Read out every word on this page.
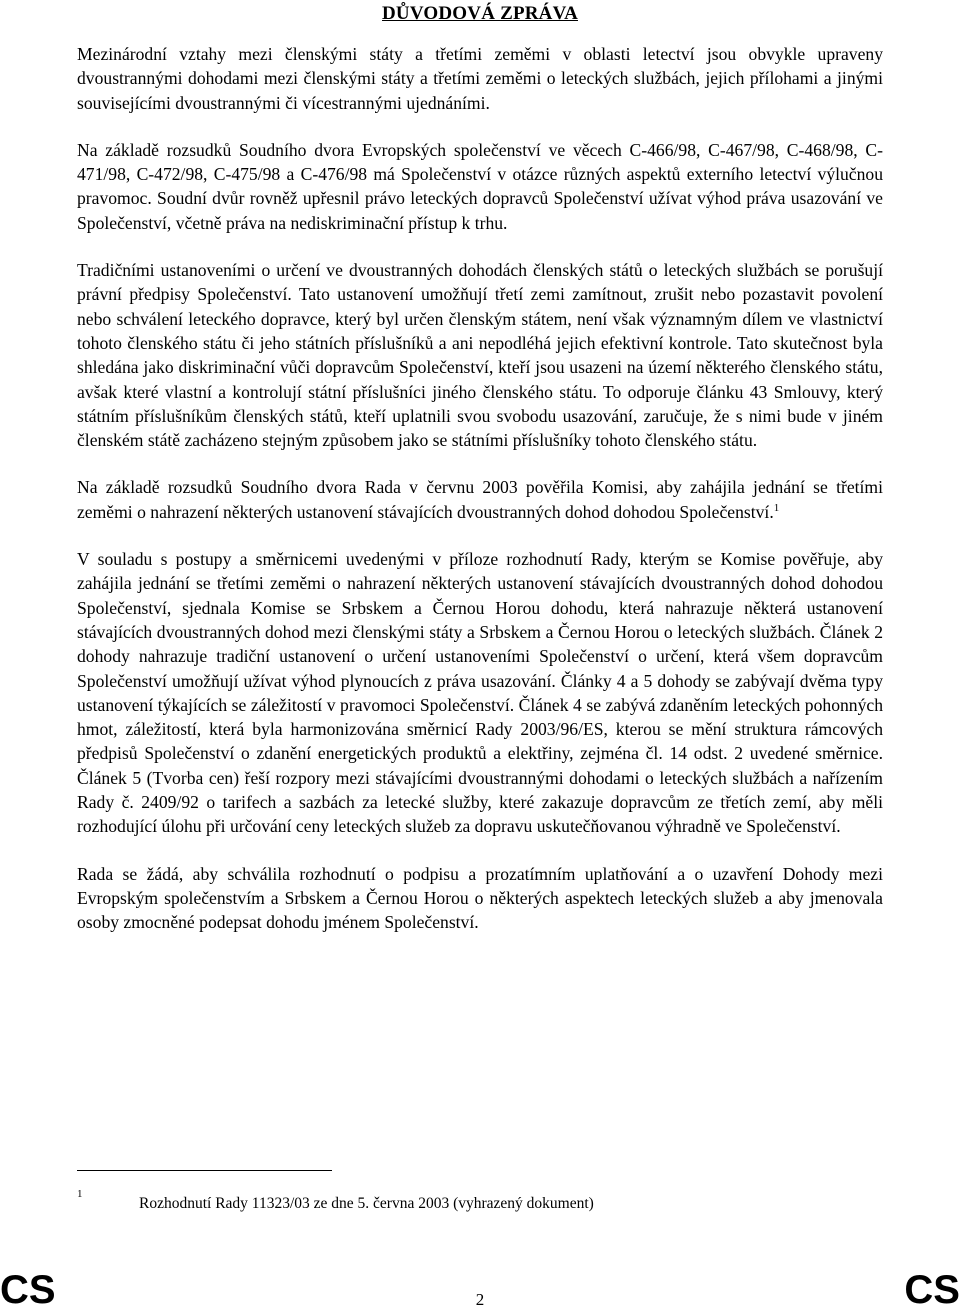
DŮVODOVÁ ZPRÁVA

Mezinárodní vztahy mezi členskými státy a třetími zeměmi v oblasti letectví jsou obvykle upraveny dvoustrannými dohodami mezi členskými státy a třetími zeměmi o leteckých službách, jejich přílohami a jinými souvisejícími dvoustrannými či vícestrannými ujednáními.

Na základě rozsudků Soudního dvora Evropských společenství ve věcech C-466/98, C-467/98, C-468/98, C-471/98, C-472/98, C-475/98 a C-476/98 má Společenství v otázce různých aspektů externího letectví výlučnou pravomoc. Soudní dvůr rovněž upřesnil právo leteckých dopravců Společenství užívat výhod práva usazování ve Společenství, včetně práva na nediskriminační přístup k trhu.

Tradičními ustanoveními o určení ve dvoustranných dohodách členských států o leteckých službách se porušují právní předpisy Společenství. Tato ustanovení umožňují třetí zemi zamítnout, zrušit nebo pozastavit povolení nebo schválení leteckého dopravce, který byl určen členským státem, není však významným dílem ve vlastnictví tohoto členského státu či jeho státních příslušníků a ani nepodléhá jejich efektivní kontrole. Tato skutečnost byla shledána jako diskriminační vůči dopravcům Společenství, kteří jsou usazeni na území některého členského státu, avšak které vlastní a kontrolují státní příslušníci jiného členského státu. To odporuje článku 43 Smlouvy, který státním příslušníkům členských států, kteří uplatnili svou svobodu usazování, zaručuje, že s nimi bude v jiném členském státě zacházeno stejným způsobem jako se státními příslušníky tohoto členského státu.

Na základě rozsudků Soudního dvora Rada v červnu 2003 pověřila Komisi, aby zahájila jednání se třetími zeměmi o nahrazení některých ustanovení stávajících dvoustranných dohod dohodou Společenství.$^1$

V souladu s postupy a směrnicemi uvedenými v příloze rozhodnutí Rady, kterým se Komise pověřuje, aby zahájila jednání se třetími zeměmi o nahrazení některých ustanovení stávajících dvoustranných dohod dohodou Společenství, sjednala Komise se Srbskem a Černou Horou dohodu, která nahrazuje některá ustanovení stávajících dvoustranných dohod mezi členskými státy a Srbskem a Černou Horou o leteckých službách. Článek 2 dohody nahrazuje tradiční ustanovení o určení ustanoveními Společenství o určení, která všem dopravcům Společenství umožňují užívat výhod plynoucích z práva usazování. Články 4 a 5 dohody se zabývají dvěma typy ustanovení týkajících se záležitostí v pravomoci Společenství. Článek 4 se zabývá zdaněním leteckých pohonných hmot, záležitostí, která byla harmonizována směrnicí Rady 2003/96/ES, kterou se mění struktura rámcových předpisů Společenství o zdanění energetických produktů a elektřiny, zejména čl. 14 odst. 2 uvedené směrnice. Článek 5 (Tvorba cen) řeší rozpory mezi stávajícími dvoustrannými dohodami o leteckých službách a nařízením Rady č. 2409/92 o tarifech a sazbách za letecké služby, které zakazuje dopravcům ze třetích zemí, aby měli rozhodující úlohu při určování ceny leteckých služeb za dopravu uskutečňovanou výhradně ve Společenství.

Rada se žádá, aby schválila rozhodnutí o podpisu a prozatímním uplatňování a o uzavření Dohody mezi Evropským společenstvím a Srbskem a Černou Horou o některých aspektech leteckých služeb a aby jmenovala osoby zmocněné podepsat dohodu jménem Společenství.

1
Rozhodnutí Rady 11323/03 ze dne 5. června 2003 (vyhrazený dokument)
CS	2	CS
